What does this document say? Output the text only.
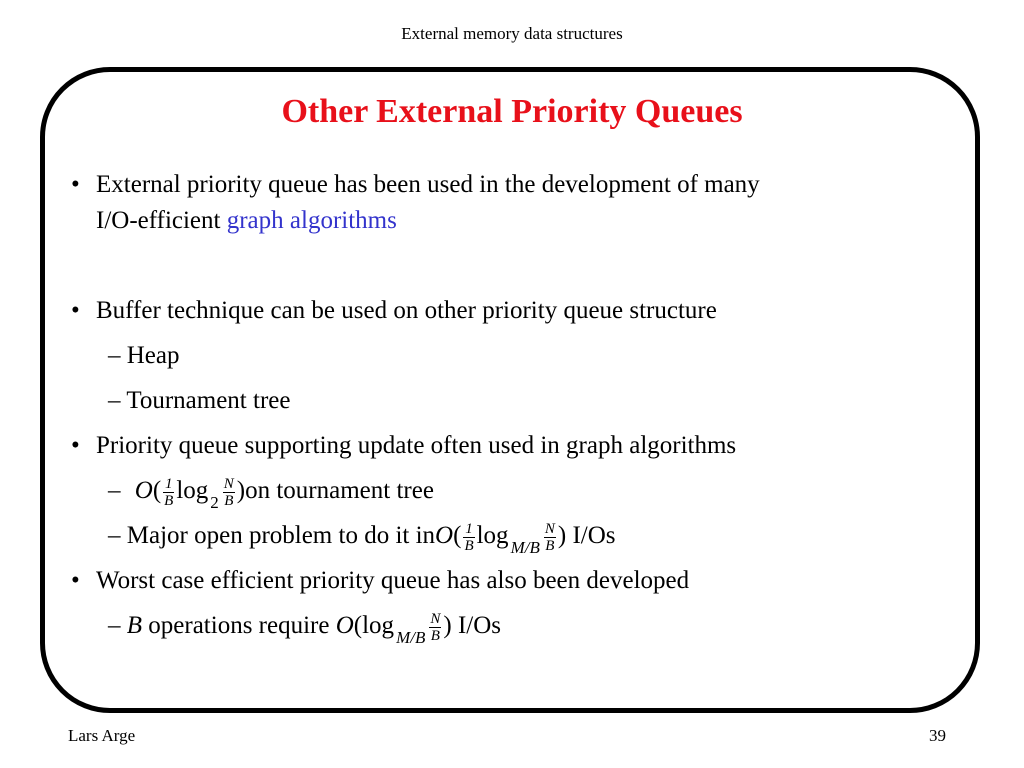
External memory data structures
Other External Priority Queues
• External priority queue has been used in the development of many
I/O-efficient graph algorithms
• Buffer technique can be used on other priority queue structure
– Heap
– Tournament tree
• Priority queue supporting update often used in graph algorithms
– $O( \frac{1}{B}$ $\log _2 \frac{N}{B} )on$ tournament tree
– Major open problem to do it $inO( \frac{1}{B}$ $\log _{M/B} \frac{N}{B}$ ) I/Os
• Worst case efficient priority queue has also been developed
– B operations require O(log $_{M/B} \frac{N}{B}$ ) I/Os
Lars Arge	39
